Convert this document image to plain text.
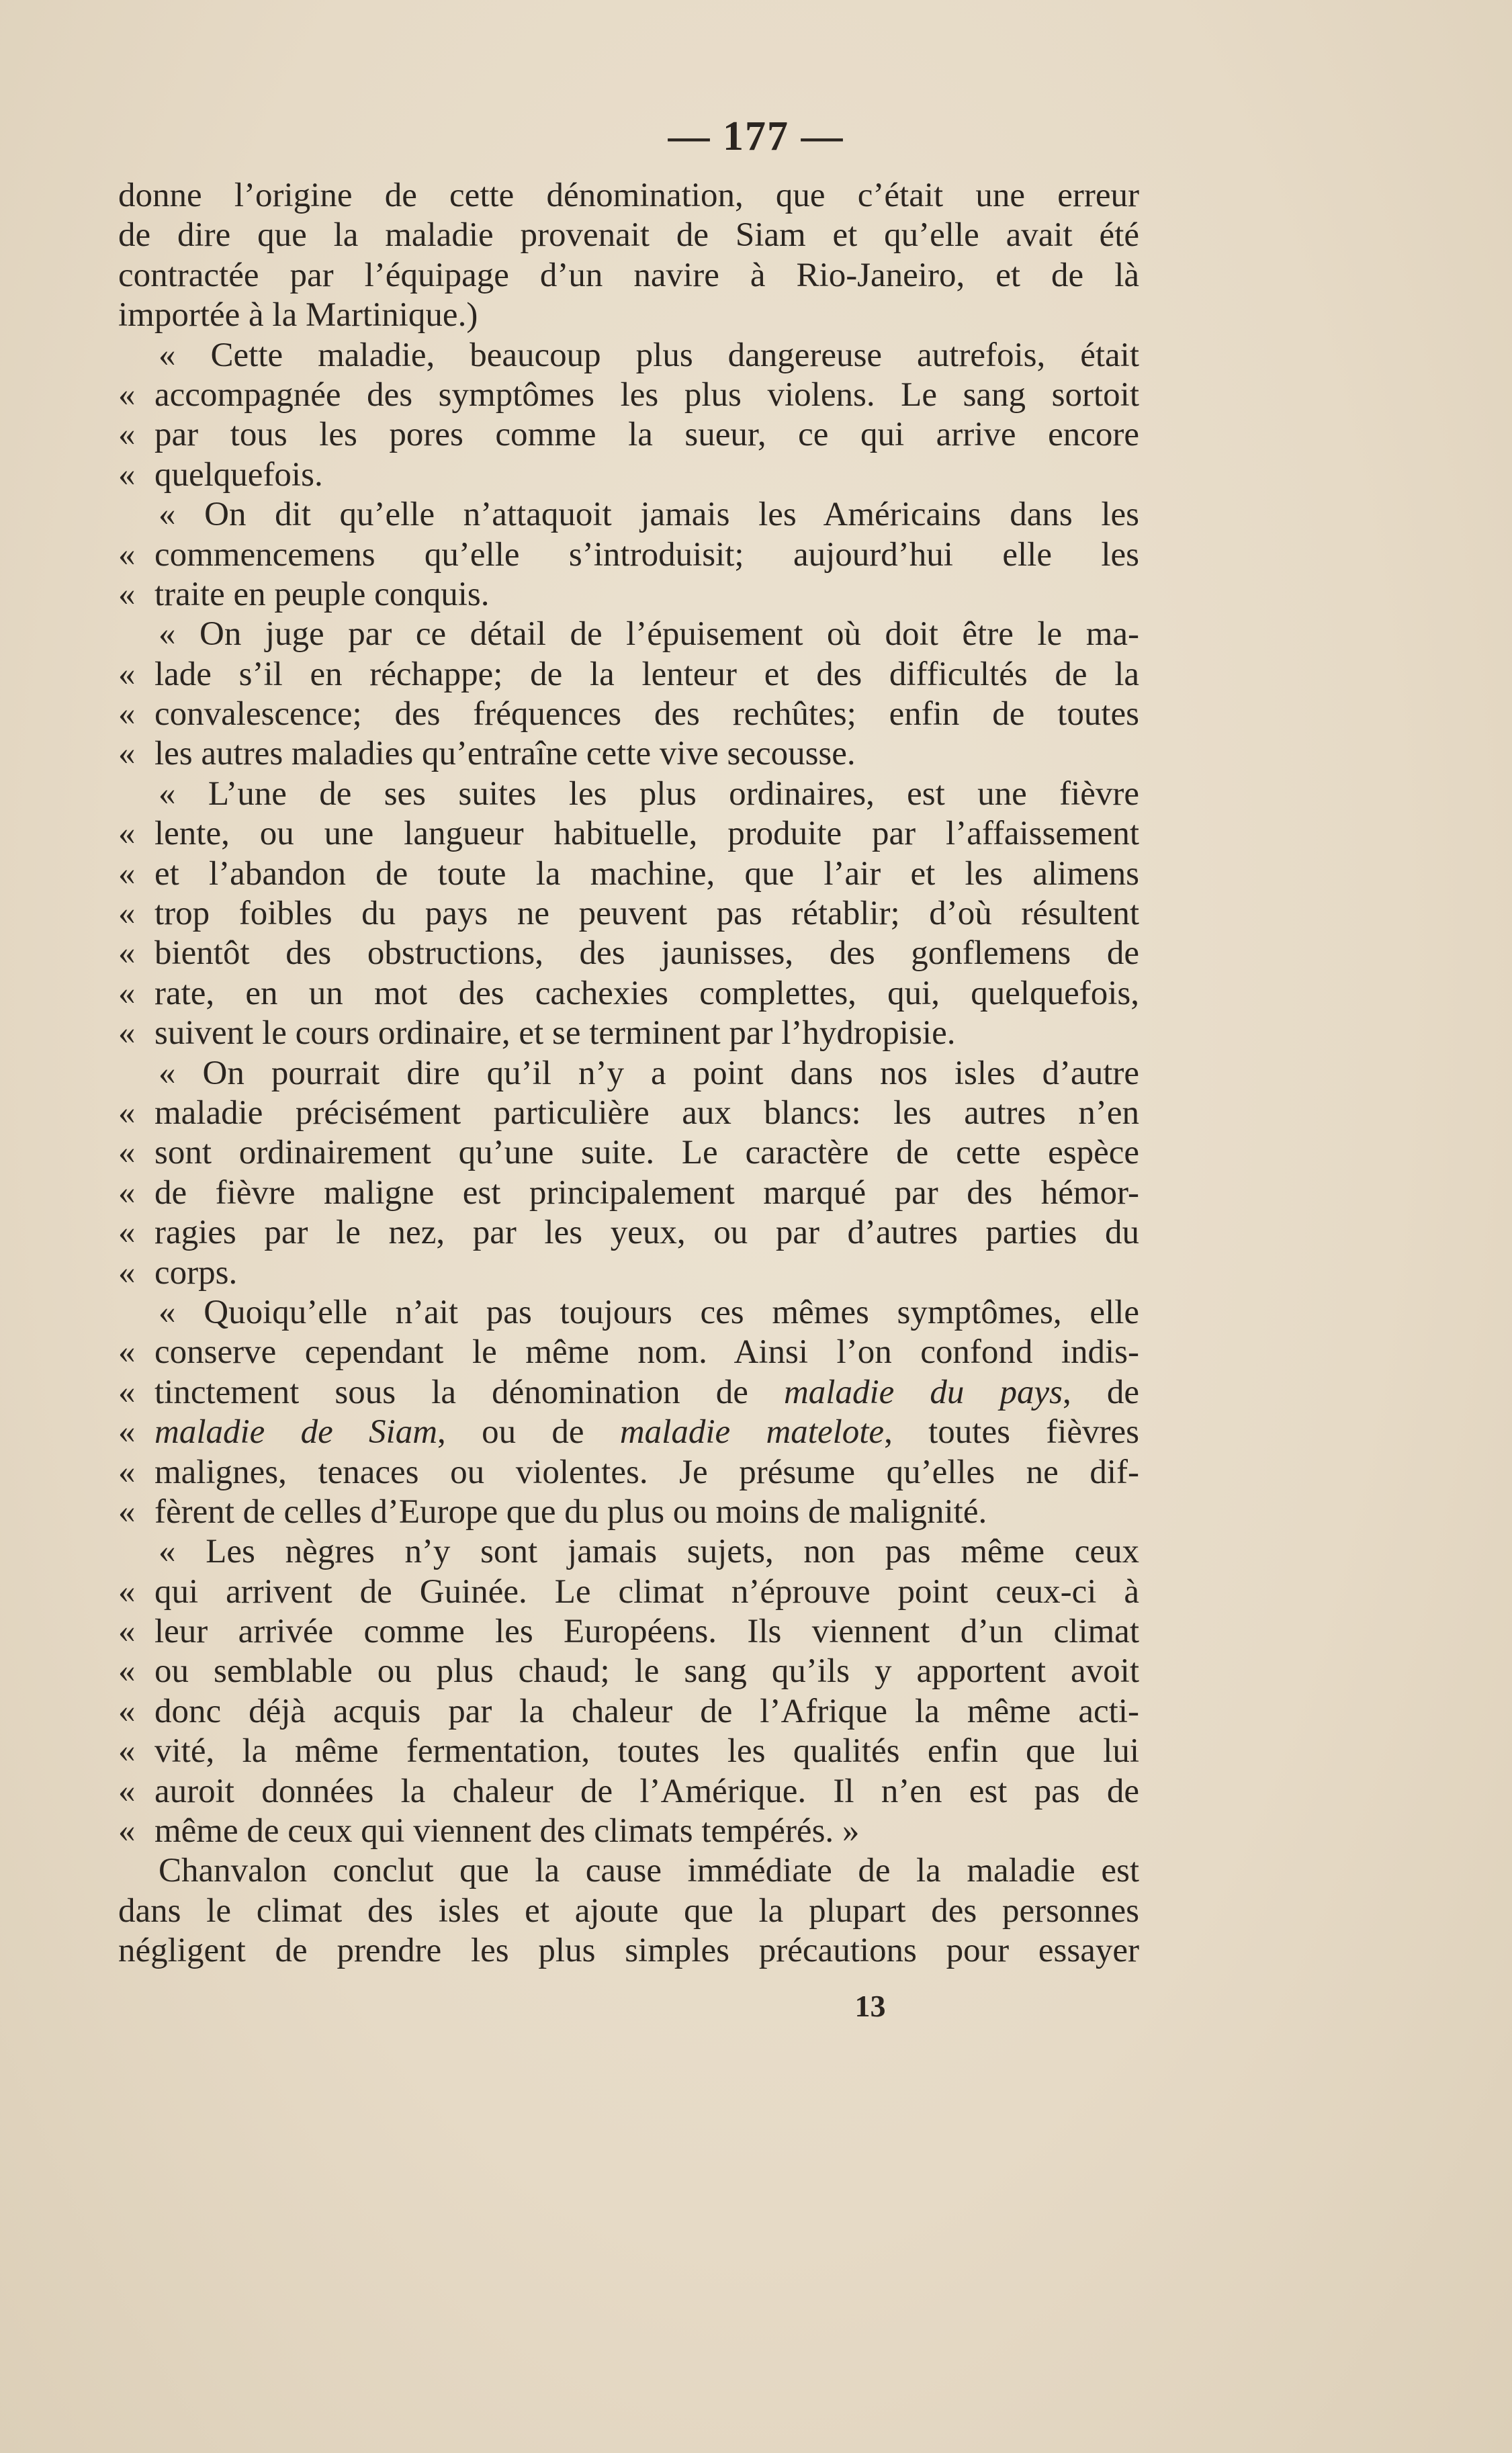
— 177 —
donne l’origine de cette dénomination, que c’était une erreur
de dire que la maladie provenait de Siam et qu’elle avait été
contractée par l’équipage d’un navire à Rio-Janeiro, et de là
importée à la Martinique.)
« Cette maladie, beaucoup plus dangereuse autrefois, était
« accompagnée des symptômes les plus violens. Le sang sortoit
« par tous les pores comme la sueur, ce qui arrive encore
« quelquefois.
« On dit qu’elle n’attaquoit jamais les Américains dans les
« commencemens qu’elle s’introduisit; aujourd’hui elle les
« traite en peuple conquis.
« On juge par ce détail de l’épuisement où doit être le ma-
« lade s’il en réchappe; de la lenteur et des difficultés de la
« convalescence; des fréquences des rechûtes; enfin de toutes
« les autres maladies qu’entraîne cette vive secousse.
« L’une de ses suites les plus ordinaires, est une fièvre
« lente, ou une langueur habituelle, produite par l’affaissement
« et l’abandon de toute la machine, que l’air et les alimens
« trop foibles du pays ne peuvent pas rétablir; d’où résultent
« bientôt des obstructions, des jaunisses, des gonflemens de
« rate, en un mot des cachexies complettes, qui, quelquefois,
« suivent le cours ordinaire, et se terminent par l’hydropisie.
« On pourrait dire qu’il n’y a point dans nos isles d’autre
« maladie précisément particulière aux blancs: les autres n’en
« sont ordinairement qu’une suite. Le caractère de cette espèce
« de fièvre maligne est principalement marqué par des hémor-
« ragies par le nez, par les yeux, ou par d’autres parties du
« corps.
« Quoiqu’elle n’ait pas toujours ces mêmes symptômes, elle
« conserve cependant le même nom. Ainsi l’on confond indis-
« tinctement sous la dénomination de maladie du pays, de
« maladie de Siam, ou de maladie matelote, toutes fièvres
« malignes, tenaces ou violentes. Je présume qu’elles ne dif-
« fèrent de celles d’Europe que du plus ou moins de malignité.
« Les nègres n’y sont jamais sujets, non pas même ceux
« qui arrivent de Guinée. Le climat n’éprouve point ceux-ci à
« leur arrivée comme les Européens. Ils viennent d’un climat
« ou semblable ou plus chaud; le sang qu’ils y apportent avoit
« donc déjà acquis par la chaleur de l’Afrique la même acti-
« vité, la même fermentation, toutes les qualités enfin que lui
« auroit données la chaleur de l’Amérique. Il n’en est pas de
« même de ceux qui viennent des climats tempérés. »
Chanvalon conclut que la cause immédiate de la maladie est
dans le climat des isles et ajoute que la plupart des personnes
négligent de prendre les plus simples précautions pour essayer
13
